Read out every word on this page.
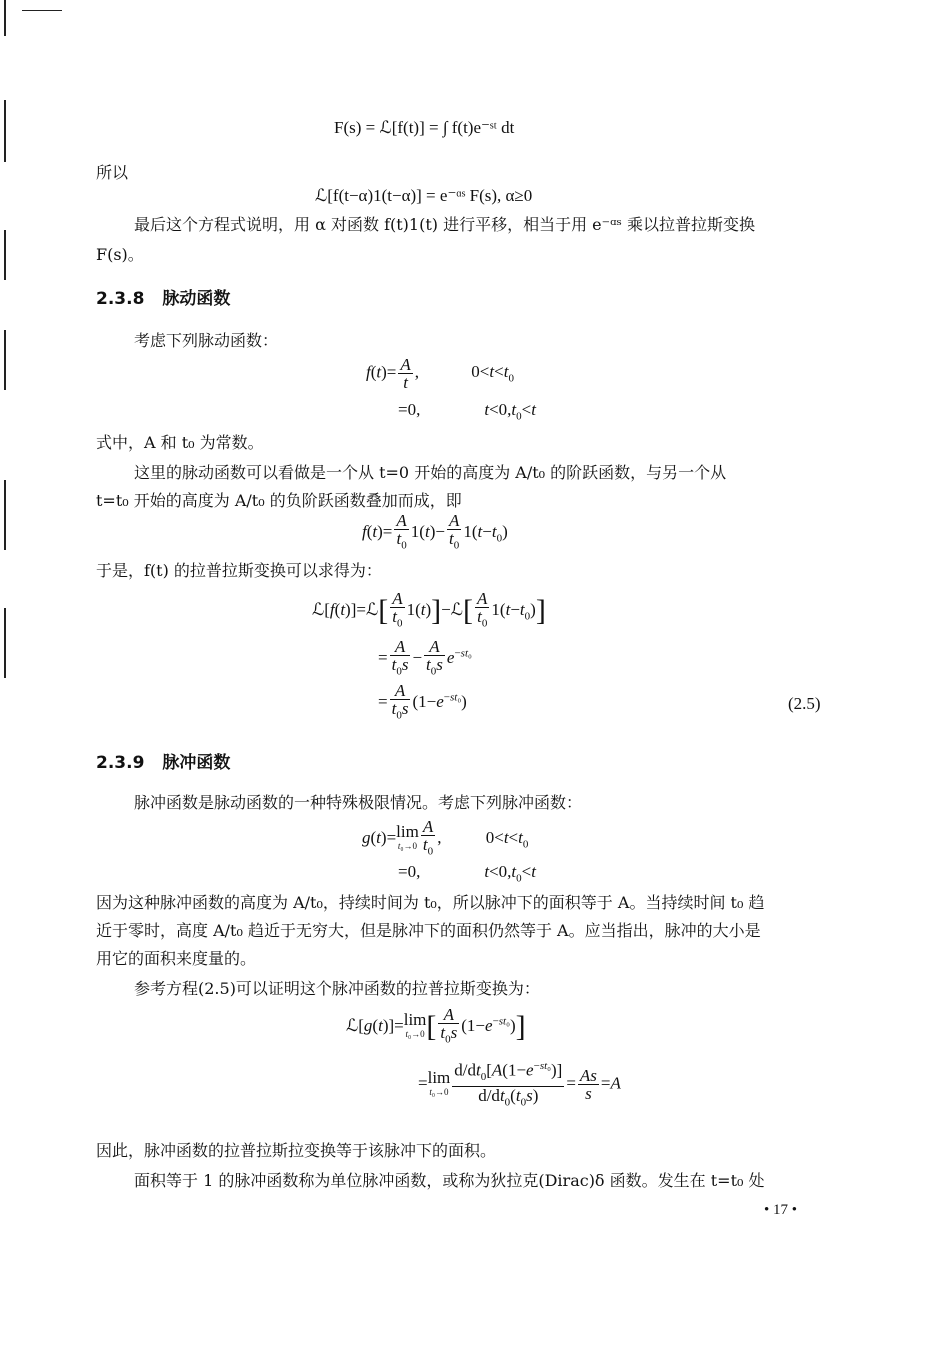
F(s) = ℒ[f(t)] = ∫ f(t)e⁻ˢᵗ dt

所以

ℒ[f(t−α)1(t−α)] = e⁻ᵅˢ F(s), α≥0

最后这个方程式说明，用 α 对函数 f(t)1(t) 进行平移，相当于用 e⁻ᵅˢ 乘以拉普拉斯变换

F(s)。

2.3.8 脉动函数

考虑下列脉动函数：

$f(t)= \frac{A}{t}$ ,	$0<t<t_0$
=0,	$t<0,t_0<t$

式中，A 和 t₀ 为常数。

这里的脉动函数可以看做是一个从 t=0 开始的高度为 A/t₀ 的阶跃函数，与另一个从

t=t₀ 开始的高度为 A/t₀ 的负阶跃函数叠加而成，即

$f(t)= \frac{A}{t_0} 1(t)- \frac{A}{t_0} 1(t-t_0)$

于是，f(t) 的拉普拉斯变换可以求得为：

ℒ[f(t)]=ℒ[ $\frac{A}{t_0}$ 1(t)]−ℒ[ $\frac{A}{t_0} 1(t-t_0)$]
= $\frac{A}{t_0s} - \frac{A}{t_0s} e^{-st_0}$
= $\frac{A}{t_0s} (1-e^{-st_0})$	(2.5)
2.3.9 脉冲函数

脉冲函数是脉动函数的一种特殊极限情况。考虑下列脉冲函数：

g(t)=lim
$t_0\to 0 \frac{A}{t_0}$ , $0<t<t_0$
=0,	$t<0,t_0<t$

因为这种脉冲函数的高度为 A/t₀，持续时间为 t₀，所以脉冲下的面积等于 A。当持续时间 t₀ 趋

近于零时，高度 A/t₀ 趋近于无穷大，但是脉冲下的面积仍然等于 A。应当指出，脉冲的大小是

用它的面积来度量的。

参考方程(2.5)可以证明这个脉冲函数的拉普拉斯变换为：

ℒ[g(t)]=lim
t₀→0 [ $\frac{A}{t_0s} (1-e^{-st_0})$]
=lim
$t_0\to 0 \frac{d/dt_0[A(1-e^{-st_0})]}{d/dt_0(t_0s)} = \frac{As}{s} =A$

因此，脉冲函数的拉普拉斯拉变换等于该脉冲下的面积。

面积等于 1 的脉冲函数称为单位脉冲函数，或称为狄拉克(Dirac)δ 函数。发生在 t=t₀ 处

• 17 •
